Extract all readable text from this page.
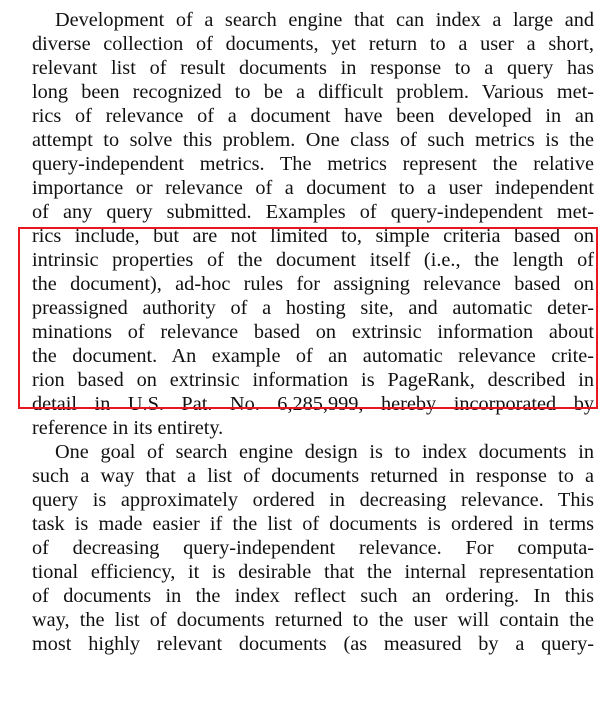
Development of a search engine that can index a large and
diverse collection of documents, yet return to a user a short,
relevant list of result documents in response to a query has
long been recognized to be a difficult problem. Various met-
rics of relevance of a document have been developed in an
attempt to solve this problem. One class of such metrics is the
query-independent metrics. The metrics represent the relative
importance or relevance of a document to a user independent
of any query submitted. Examples of query-independent met-
rics include, but are not limited to, simple criteria based on
intrinsic properties of the document itself (i.e., the length of
the document), ad-hoc rules for assigning relevance based on
preassigned authority of a hosting site, and automatic deter-
minations of relevance based on extrinsic information about
the document. An example of an automatic relevance crite-
rion based on extrinsic information is PageRank, described in
detail in U.S. Pat. No. 6,285,999, hereby incorporated by
reference in its entirety.
One goal of search engine design is to index documents in
such a way that a list of documents returned in response to a
query is approximately ordered in decreasing relevance. This
task is made easier if the list of documents is ordered in terms
of decreasing query-independent relevance. For computa-
tional efficiency, it is desirable that the internal representation
of documents in the index reflect such an ordering. In this
way, the list of documents returned to the user will contain the
most highly relevant documents (as measured by a query-
